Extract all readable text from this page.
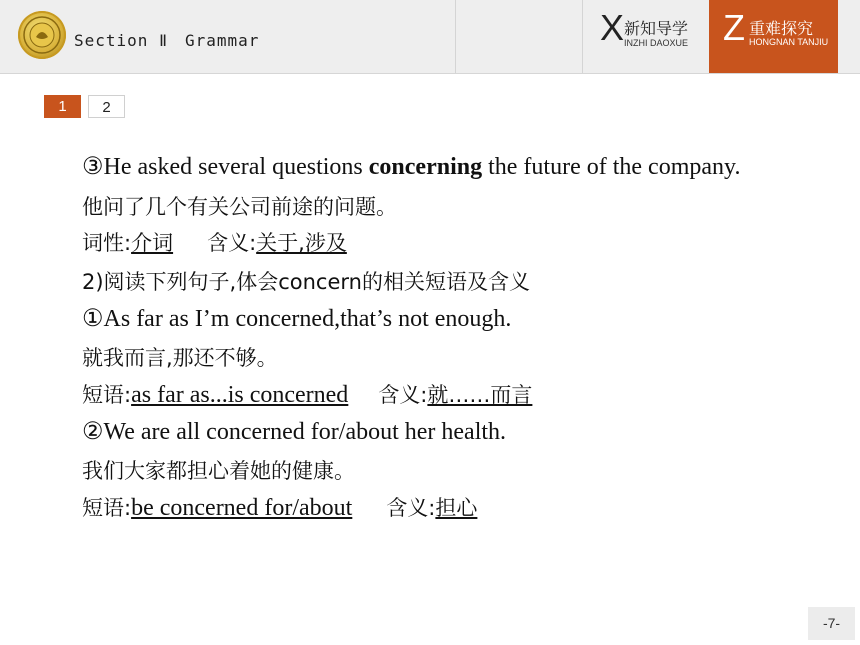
Section Ⅱ　Grammar	X 新知导学
INZHI DAOXUE Z 重难探究
HONGNAN TANJIU
1	2
③He asked several questions concerning the future of the company.
他问了几个有关公司前途的问题。
词性:介词 含义:关于,涉及
2)阅读下列句子,体会concern的相关短语及含义
①As far as I’m concerned,that’s not enough.
就我而言,那还不够。
短语:as far as...is concerned 含义:就……而言
②We are all concerned for/about her health.
我们大家都担心着她的健康。
短语:be concerned for/about 含义:担心
-7-
